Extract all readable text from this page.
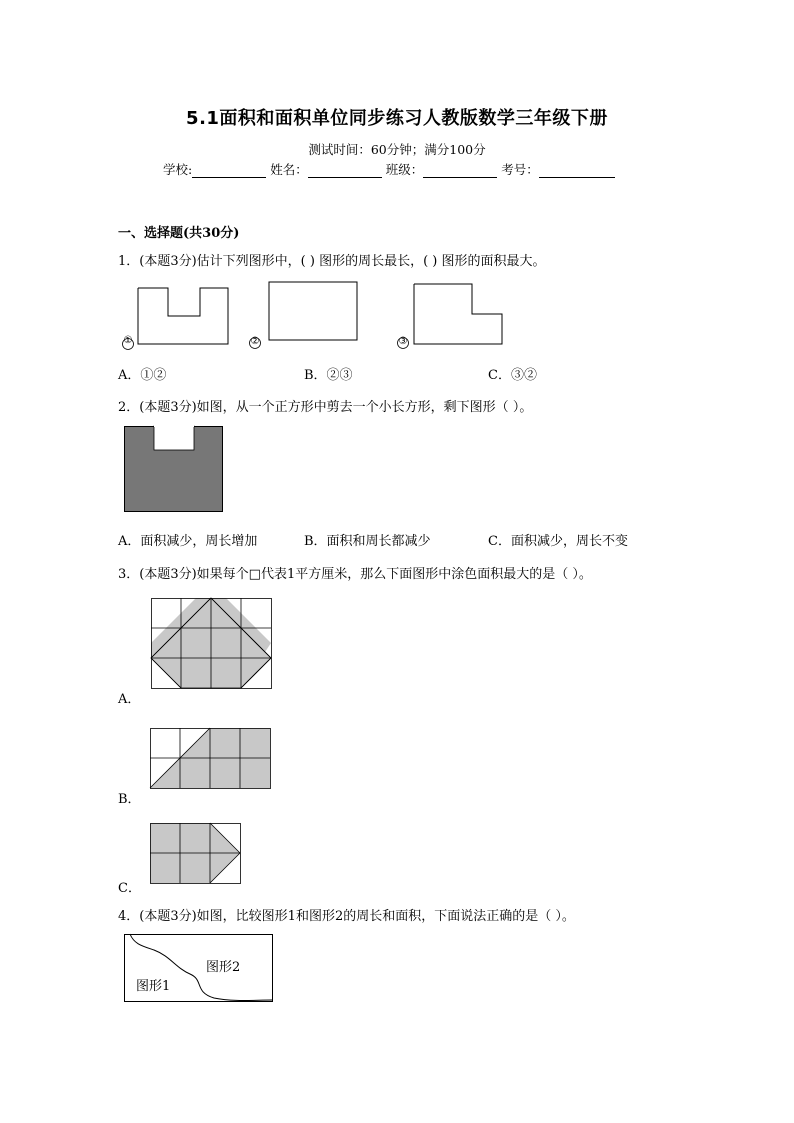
5.1面积和面积单位同步练习人教版数学三年级下册
测试时间：60分钟；满分100分
学校:	姓名：	班级：	考号：
一、选择题(共30分)
1．(本题3分)估计下列图形中，( ) 图形的周长最长，( ) 图形的面积最大。
①	②	③
A．①②	B．②③	C．③②
2．(本题3分)如图，从一个正方形中剪去一个小长方形，剩下图形（ ）。
A．面积减少，周长增加	B．面积和周长都减少	C．面积减少，周长不变
3．(本题3分)如果每个□代表1平方厘米，那么下面图形中涂色面积最大的是（ ）。
A．
B．
C．
4．(本题3分)如图，比较图形1和图形2的周长和面积，下面说法正确的是（ ）。
图形2
图形1
